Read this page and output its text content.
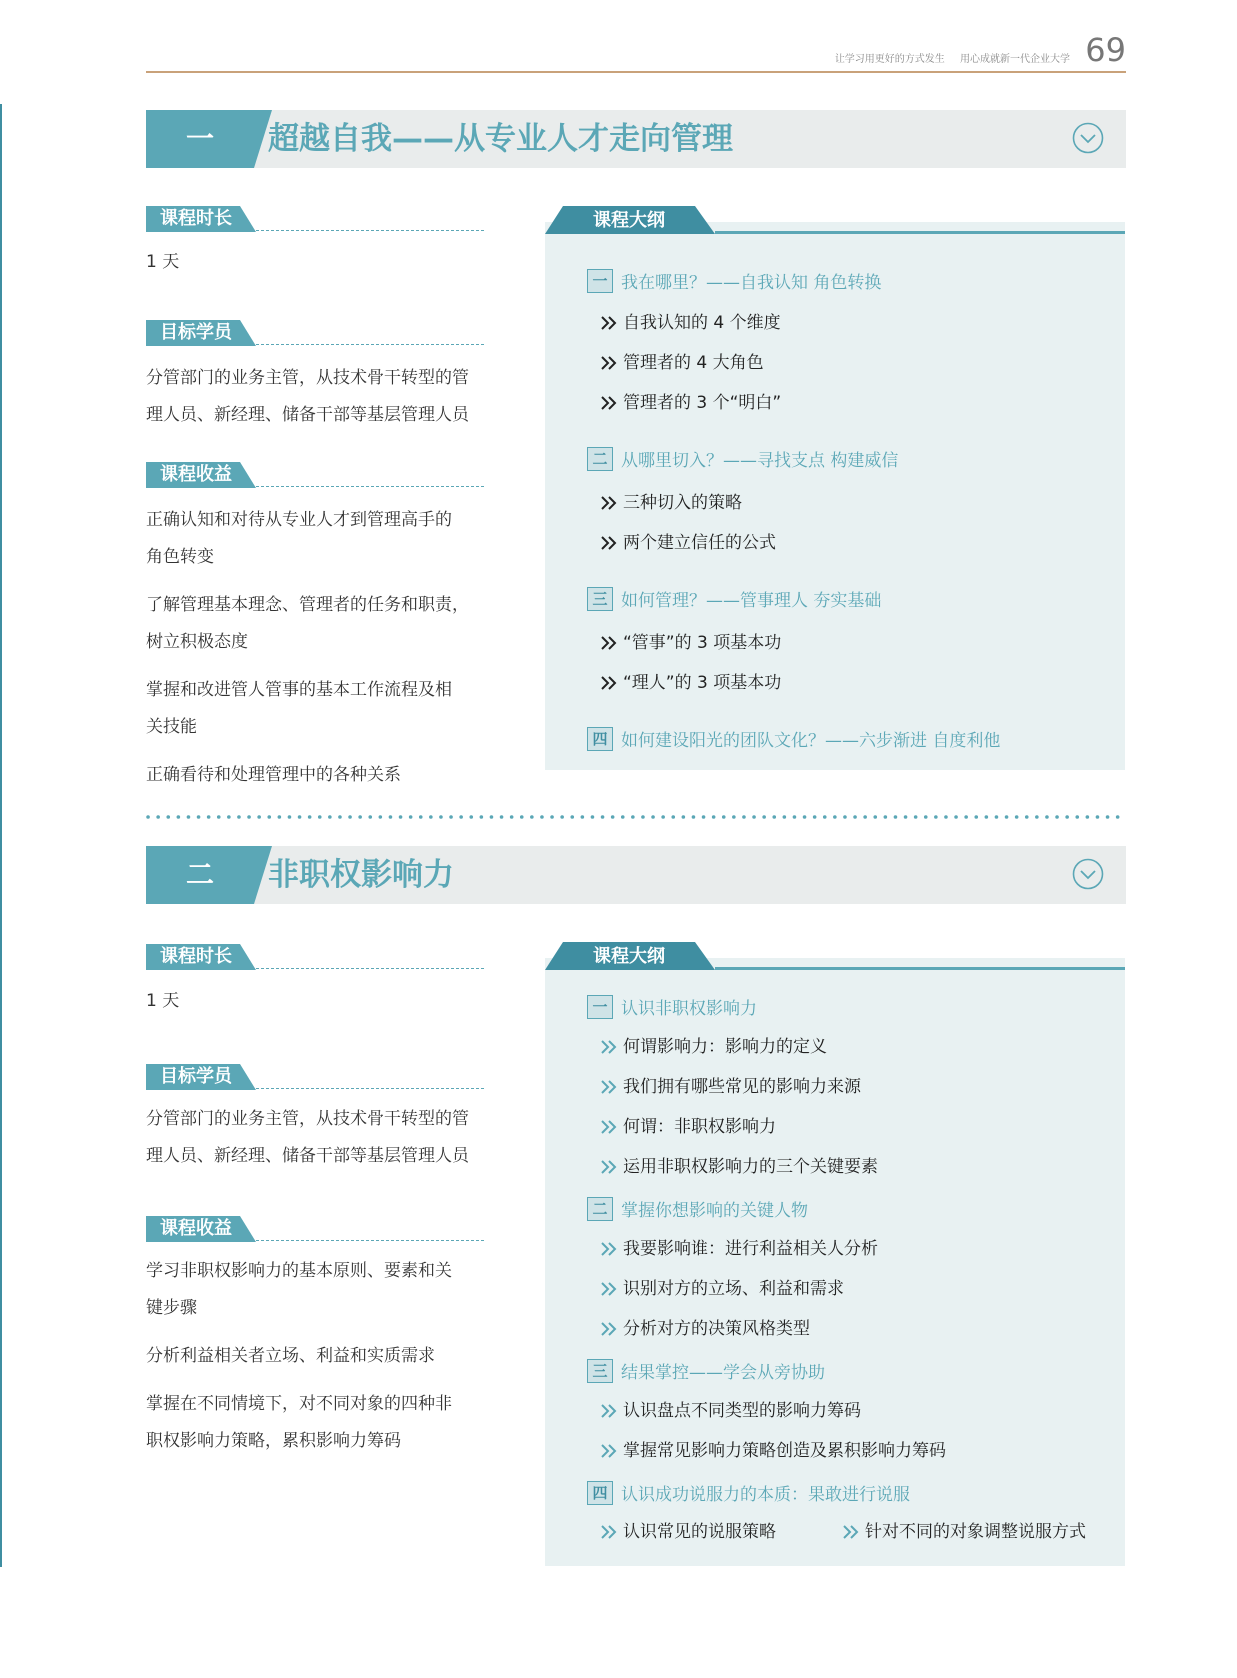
让学习用更好的方式发生 用心成就新一代企业大学 69
一	超越自我——从专业人才走向管理
课程时长

1 天

目标学员

分管部门的业务主管，从技术骨干转型的管

理人员、新经理、储备干部等基层管理人员

课程收益

正确认知和对待从专业人才到管理高手的

角色转变

了解管理基本理念、管理者的任务和职责，

树立积极态度

掌握和改进管人管事的基本工作流程及相

关技能

正确看待和处理管理中的各种关系

课程大纲
一 我在哪里？——自我认知 角色转换
自我认知的 4 个维度
管理者的 4 大角色
管理者的 3 个“明白”
二 从哪里切入？——寻找支点 构建威信
三种切入的策略
两个建立信任的公式
三 如何管理？——管事理人 夯实基础
“管事”的 3 项基本功
“理人”的 3 项基本功
四 如何建设阳光的团队文化？——六步渐进 自度利他
二	非职权影响力
课程时长

1 天

目标学员

分管部门的业务主管，从技术骨干转型的管

理人员、新经理、储备干部等基层管理人员

课程收益

学习非职权影响力的基本原则、要素和关

键步骤

分析利益相关者立场、利益和实质需求

掌握在不同情境下，对不同对象的四种非

职权影响力策略，累积影响力筹码

课程大纲
一 认识非职权影响力
何谓影响力：影响力的定义
我们拥有哪些常见的影响力来源
何谓：非职权影响力
运用非职权影响力的三个关键要素
二 掌握你想影响的关键人物
我要影响谁：进行利益相关人分析
识别对方的立场、利益和需求
分析对方的决策风格类型
三 结果掌控——学会从旁协助
认识盘点不同类型的影响力筹码
掌握常见影响力策略创造及累积影响力筹码
四 认识成功说服力的本质：果敢进行说服
认识常见的说服策略	针对不同的对象调整说服方式
